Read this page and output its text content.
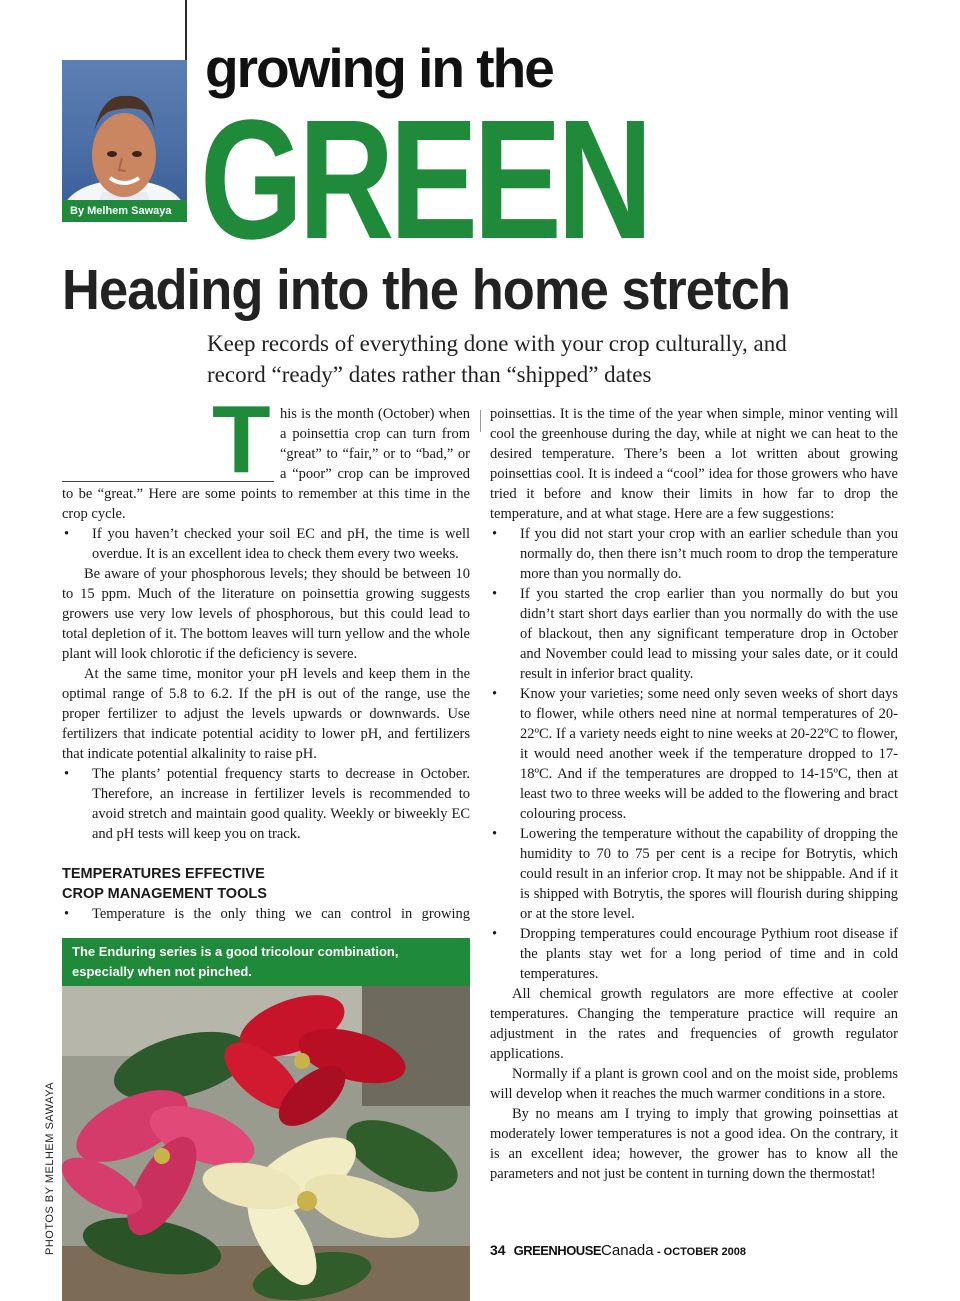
By Melhem Sawaya
growing in the
GREEN
Heading into the home stretch
Keep records of everything done with your crop culturally, and record “ready” dates rather than “shipped” dates

T his is the month (October) when a poinsettia crop can turn from “great” to “fair,” or to “bad,” or a “poor” crop can be improved to be “great.” Here are some points to remember at this time in the crop cycle.

• If you haven’t checked your soil EC and pH, the time is well overdue. It is an excellent idea to check them every two weeks.

Be aware of your phosphorous levels; they should be between 10 to 15 ppm. Much of the literature on poinsettia growing suggests growers use very low levels of phosphorous, but this could lead to total depletion of it. The bottom leaves will turn yellow and the whole plant will look chlorotic if the deficiency is severe.

At the same time, monitor your pH levels and keep them in the optimal range of 5.8 to 6.2. If the pH is out of the range, use the proper fertilizer to adjust the levels upwards or downwards. Use fertilizers that indicate potential acidity to lower pH, and fertilizers that indicate potential alkalinity to raise pH.

• The plants’ potential frequency starts to decrease in October. Therefore, an increase in fertilizer levels is recommended to avoid stretch and maintain good quality. Weekly or biweekly EC and pH tests will keep you on track.

TEMPERATURES EFFECTIVE
CROP MANAGEMENT TOOLS

• Temperature is the only thing we can control in growing

The Enduring series is a good tricolour combination, especially when not pinched.
PHOTOS BY MELHEM SAWAYA

poinsettias. It is the time of the year when simple, minor venting will cool the greenhouse during the day, while at night we can heat to the desired temperature. There’s been a lot written about growing poinsettias cool. It is indeed a “cool” idea for those growers who have tried it before and know their limits in how far to drop the temperature, and at what stage. Here are a few suggestions:

• If you did not start your crop with an earlier schedule than you normally do, then there isn’t much room to drop the temperature more than you normally do.

• If you started the crop earlier than you normally do but you didn’t start short days earlier than you normally do with the use of blackout, then any significant temperature drop in October and November could lead to missing your sales date, or it could result in inferior bract quality.

• Know your varieties; some need only seven weeks of short days to flower, while others need nine at normal temperatures of 20-22ºC. If a variety needs eight to nine weeks at 20-22ºC to flower, it would need another week if the temperature dropped to 17-18ºC. And if the temperatures are dropped to 14-15ºC, then at least two to three weeks will be added to the flowering and bract colouring process.

• Lowering the temperature without the capability of dropping the humidity to 70 to 75 per cent is a recipe for Botrytis, which could result in an inferior crop. It may not be shippable. And if it is shipped with Botrytis, the spores will flourish during shipping or at the store level.

• Dropping temperatures could encourage Pythium root disease if the plants stay wet for a long period of time and in cold temperatures.

All chemical growth regulators are more effective at cooler temperatures. Changing the temperature practice will require an adjustment in the rates and frequencies of growth regulator applications.

Normally if a plant is grown cool and on the moist side, problems will develop when it reaches the much warmer conditions in a store.

By no means am I trying to imply that growing poinsettias at moderately lower temperatures is not a good idea. On the contrary, it is an excellent idea; however, the grower has to know all the parameters and not just be content in turning down the thermostat!

34 GREENHOUSECanada - OCTOBER 2008
